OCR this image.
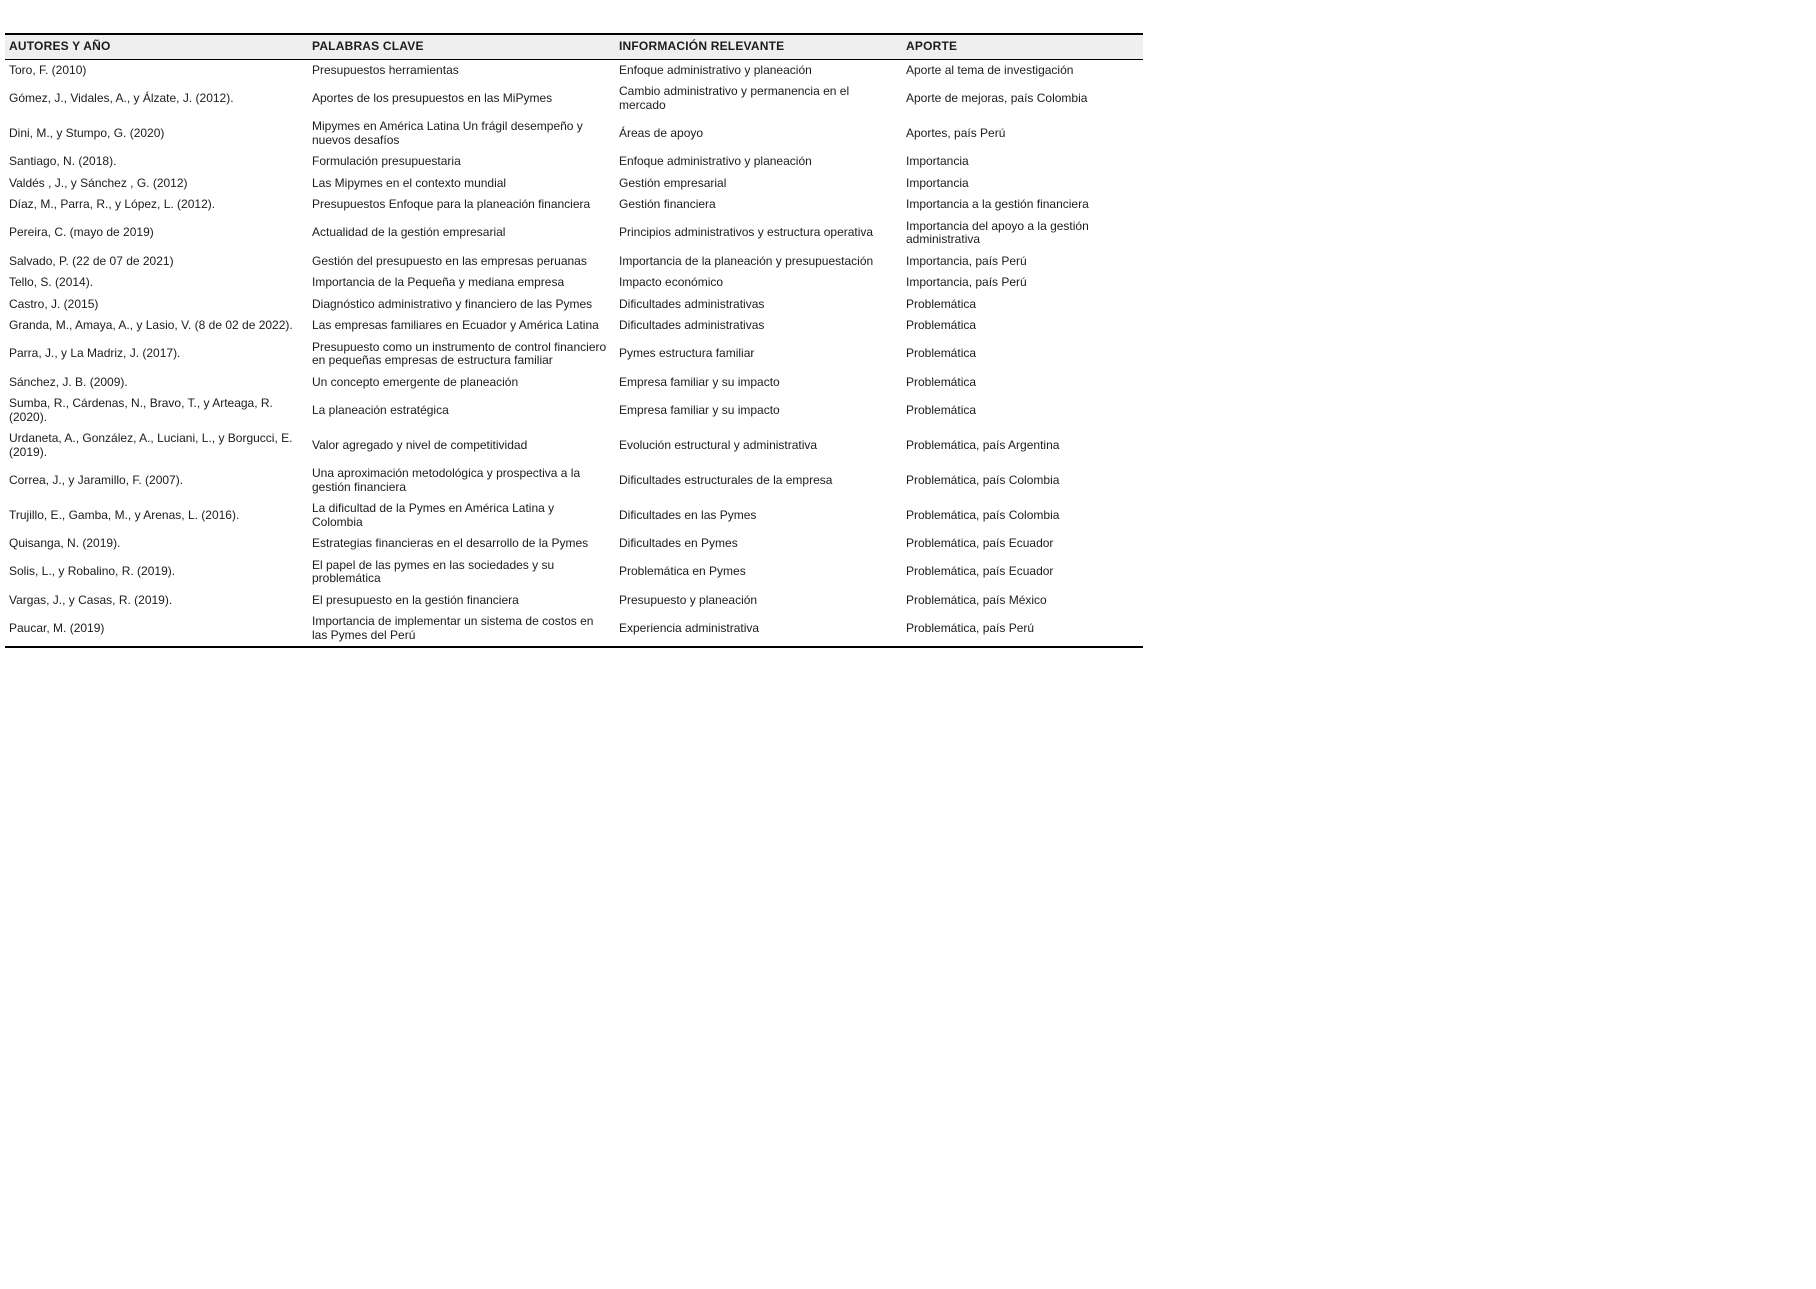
AUTORES Y AÑO	PALABRAS CLAVE	INFORMACIÓN RELEVANTE	APORTE
Toro, F. (2010)	Presupuestos herramientas	Enfoque administrativo y planeación	Aporte al tema de investigación
Gómez, J., Vidales, A., y Álzate, J. (2012).	Aportes de los presupuestos en las MiPymes	Cambio administrativo y permanencia en el mercado	Aporte de mejoras, país Colombia
Dini, M., y Stumpo, G. (2020)	Mipymes en América Latina Un frágil desempeño y nuevos desafíos	Áreas de apoyo	Aportes, país Perú
Santiago, N. (2018).	Formulación presupuestaria	Enfoque administrativo y planeación	Importancia
Valdés , J., y Sánchez , G. (2012)	Las Mipymes en el contexto mundial	Gestión empresarial	Importancia
Díaz, M., Parra, R., y López, L. (2012).	Presupuestos Enfoque para la planeación financiera	Gestión financiera	Importancia a la gestión financiera
Pereira, C. (mayo de 2019)	Actualidad de la gestión empresarial	Principios administrativos y estructura operativa	Importancia del apoyo a la gestión administrativa
Salvado, P. (22 de 07 de 2021)	Gestión del presupuesto en las empresas peruanas	Importancia de la planeación y presupuestación	Importancia, país Perú
Tello, S. (2014).	Importancia de la Pequeña y mediana empresa	Impacto económico	Importancia, país Perú
Castro, J. (2015)	Diagnóstico administrativo y financiero de las Pymes	Dificultades administrativas	Problemática
Granda, M., Amaya, A., y Lasio, V. (8 de 02 de 2022).	Las empresas familiares en Ecuador y América Latina	Dificultades administrativas	Problemática
Parra, J., y La Madriz, J. (2017).	Presupuesto como un instrumento de control financiero en pequeñas empresas de estructura familiar	Pymes estructura familiar	Problemática
Sánchez, J. B. (2009).	Un concepto emergente de planeación	Empresa familiar y su impacto	Problemática
Sumba, R., Cárdenas, N., Bravo, T., y Arteaga, R. (2020).	La planeación estratégica	Empresa familiar y su impacto	Problemática
Urdaneta, A., González, A., Luciani, L., y Borgucci, E. (2019).	Valor agregado y nivel de competitividad	Evolución estructural y administrativa	Problemática, país Argentina
Correa, J., y Jaramillo, F. (2007).	Una aproximación metodológica y prospectiva a la gestión financiera	Dificultades estructurales de la empresa	Problemática, país Colombia
Trujillo, E., Gamba, M., y Arenas, L. (2016).	La dificultad de la Pymes en América Latina y Colombia	Dificultades en las Pymes	Problemática, país Colombia
Quisanga, N. (2019).	Estrategias financieras en el desarrollo de la Pymes	Dificultades en Pymes	Problemática, país Ecuador
Solis, L., y Robalino, R. (2019).	El papel de las pymes en las sociedades y su problemática	Problemática en Pymes	Problemática, país Ecuador
Vargas, J., y Casas, R. (2019).	El presupuesto en la gestión financiera	Presupuesto y planeación	Problemática, país México
Paucar, M. (2019)	Importancia de implementar un sistema de costos en las Pymes del Perú	Experiencia administrativa	Problemática, país Perú
